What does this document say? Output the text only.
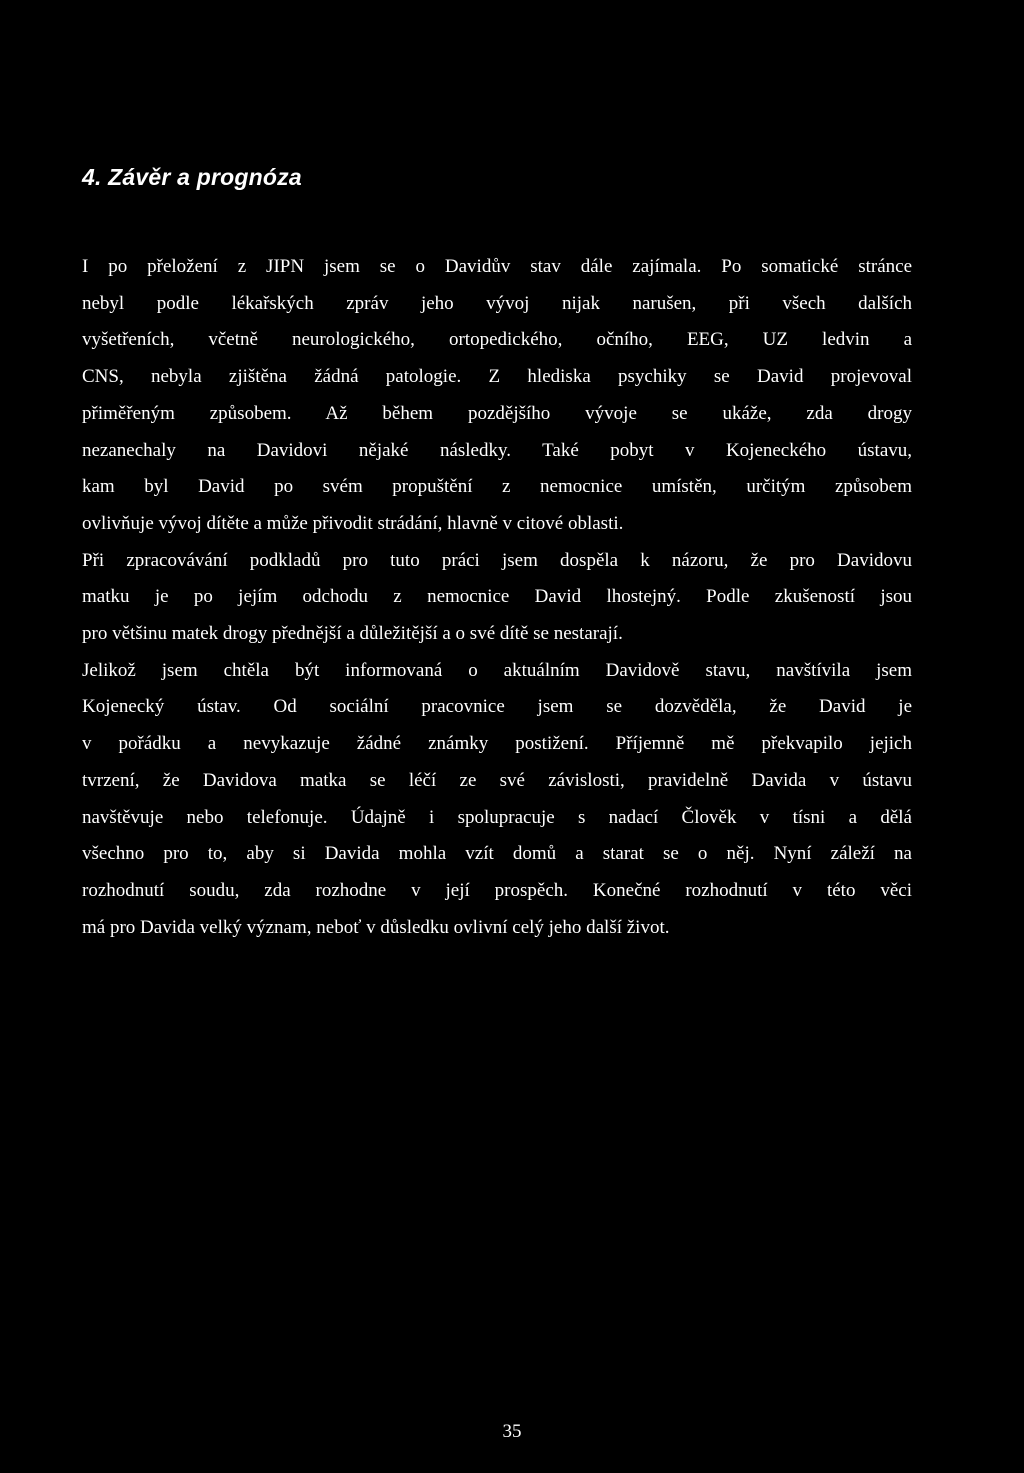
4. Závěr a prognóza
I po přeložení z JIPN jsem se o Davidův stav dále zajímala. Po somatické stránce
nebyl podle lékařských zpráv jeho vývoj nijak narušen, při všech dalších
vyšetřeních, včetně neurologického, ortopedického, očního, EEG, UZ ledvin a
CNS, nebyla zjištěna žádná patologie. Z hlediska psychiky se David projevoval
přiměřeným způsobem. Až během pozdějšího vývoje se ukáže, zda drogy
nezanechaly na Davidovi nějaké následky. Také pobyt v Kojeneckého ústavu,
kam byl David po svém propuštění z nemocnice umístěn, určitým způsobem
ovlivňuje vývoj dítěte a může přivodit strádání, hlavně v citové oblasti.
Při zpracovávání podkladů pro tuto práci jsem dospěla k názoru, že pro Davidovu
matku je po jejím odchodu z nemocnice David lhostejný. Podle zkušeností jsou
pro většinu matek drogy přednější a důležitější a o své dítě se nestarají.
Jelikož jsem chtěla být informovaná o aktuálním Davidově stavu, navštívila jsem
Kojenecký ústav. Od sociální pracovnice jsem se dozvěděla, že David je
v pořádku a nevykazuje žádné známky postižení. Příjemně mě překvapilo jejich
tvrzení, že Davidova matka se léčí ze své závislosti, pravidelně Davida v ústavu
navštěvuje nebo telefonuje. Údajně i spolupracuje s nadací Člověk v tísni a dělá
všechno pro to, aby si Davida mohla vzít domů a starat se o něj. Nyní záleží na
rozhodnutí soudu, zda rozhodne v její prospěch. Konečné rozhodnutí v této věci
má pro Davida velký význam, neboť v důsledku ovlivní celý jeho další život.
35
